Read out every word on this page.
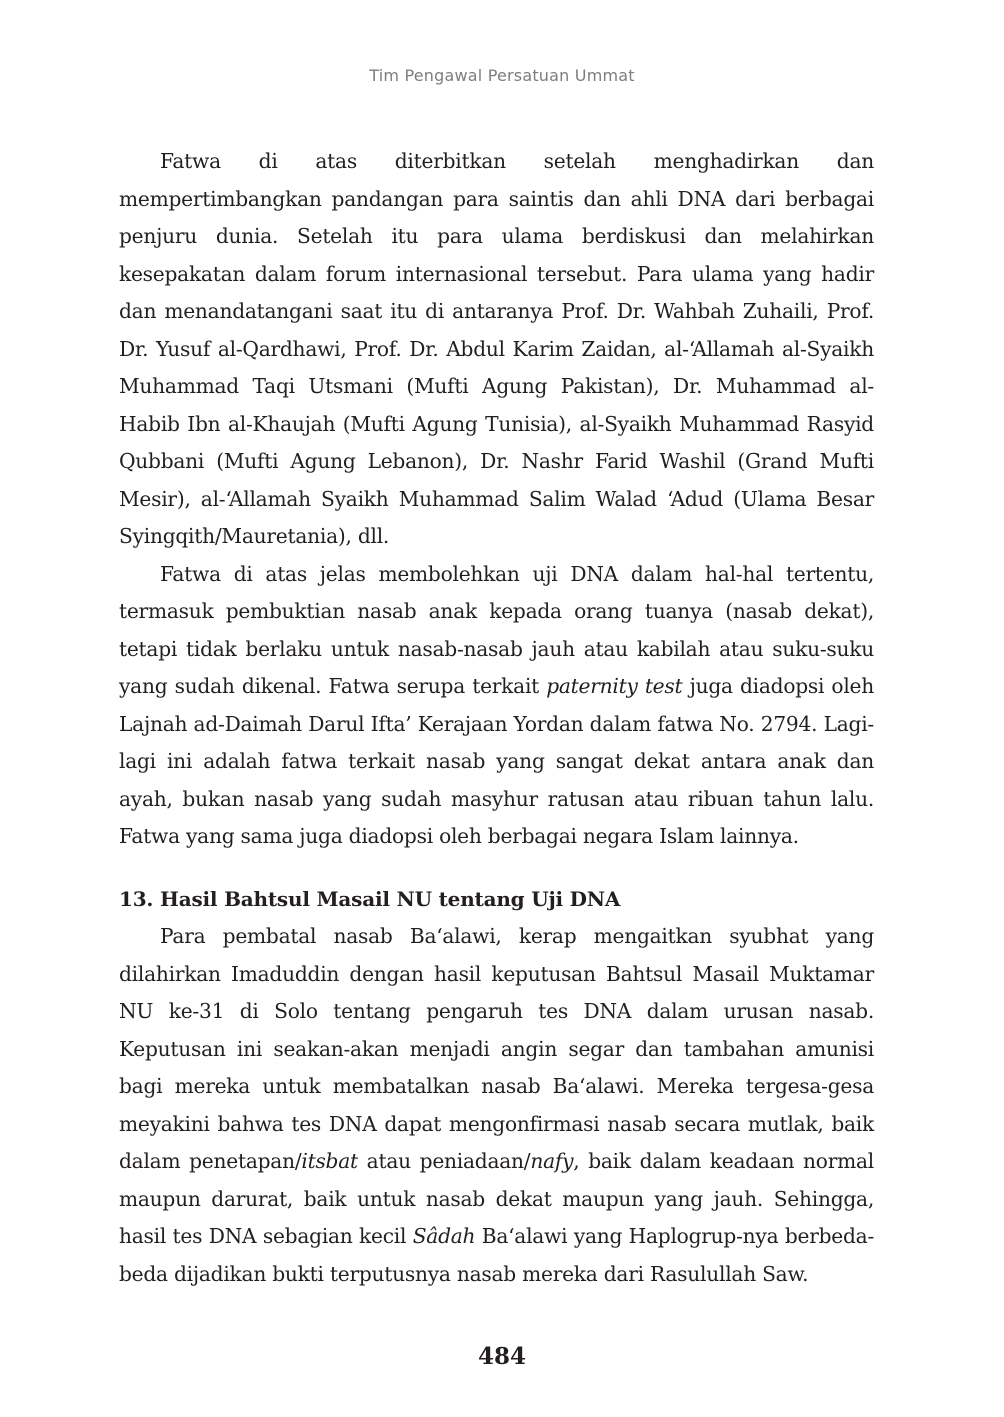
Tim Pengawal Persatuan Ummat

Fatwa di atas diterbitkan setelah menghadirkan dan mempertimbangkan pandangan para saintis dan ahli DNA dari berbagai penjuru dunia. Setelah itu para ulama berdiskusi dan melahirkan kesepakatan dalam forum internasional tersebut. Para ulama yang hadir dan menandatangani saat itu di antaranya Prof. Dr. Wahbah Zuhaili, Prof. Dr. Yusuf al-Qardhawi, Prof. Dr. Abdul Karim Zaidan, al-‘Allamah al-Syaikh Muhammad Taqi Utsmani (Mufti Agung Pakistan), Dr. Muhammad al-Habib Ibn al-Khaujah (Mufti Agung Tunisia), al-Syaikh Muhammad Rasyid Qubbani (Mufti Agung Lebanon), Dr. Nashr Farid Washil (Grand Mufti Mesir), al-‘Allamah Syaikh Muhammad Salim Walad ‘Adud (Ulama Besar Syingqith/Mauretania), dll.

Fatwa di atas jelas membolehkan uji DNA dalam hal-hal tertentu, termasuk pembuktian nasab anak kepada orang tuanya (nasab dekat), tetapi tidak berlaku untuk nasab-nasab jauh atau kabilah atau suku-suku yang sudah dikenal. Fatwa serupa terkait paternity test juga diadopsi oleh Lajnah ad-Daimah Darul Ifta’ Kerajaan Yordan dalam fatwa No. 2794. Lagi-lagi ini adalah fatwa terkait nasab yang sangat dekat antara anak dan ayah, bukan nasab yang sudah masyhur ratusan atau ribuan tahun lalu. Fatwa yang sama juga diadopsi oleh berbagai negara Islam lainnya.

13. Hasil Bahtsul Masail NU tentang Uji DNA

Para pembatal nasab Ba‘alawi, kerap mengaitkan syubhat yang dilahirkan Imaduddin dengan hasil keputusan Bahtsul Masail Muktamar NU ke-31 di Solo tentang pengaruh tes DNA dalam urusan nasab. Keputusan ini seakan-akan menjadi angin segar dan tambahan amunisi bagi mereka untuk membatalkan nasab Ba‘alawi. Mereka tergesa-gesa meyakini bahwa tes DNA dapat mengonfirmasi nasab secara mutlak, baik dalam penetapan/itsbat atau peniadaan/nafy, baik dalam keadaan normal maupun darurat, baik untuk nasab dekat maupun yang jauh. Sehingga, hasil tes DNA sebagian kecil Sâdah Ba‘alawi yang Haplogrup-nya berbeda-beda dijadikan bukti terputusnya nasab mereka dari Rasulullah Saw.

484
